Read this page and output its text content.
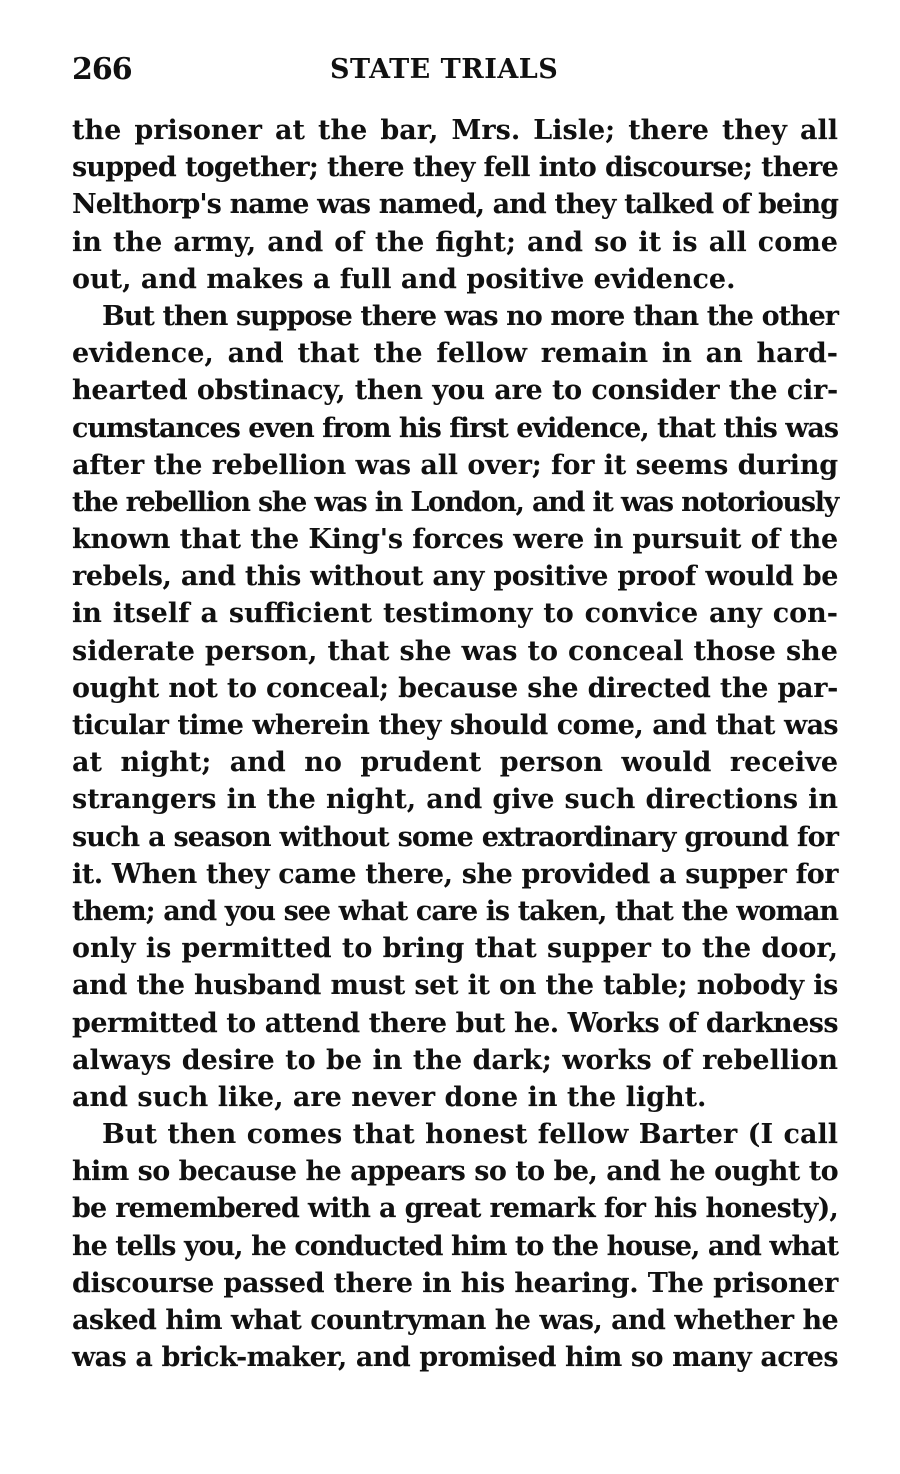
266	STATE TRIALS
the prisoner at the bar, Mrs. Lisle; there they all
supped together; there they fell into discourse; there
Nelthorp's name was named, and they talked of being
in the army, and of the fight; and so it is all come
out, and makes a full and positive evidence.
But then suppose there was no more than the other
evidence, and that the fellow remain in an hard-
hearted obstinacy, then you are to consider the cir-
cumstances even from his first evidence, that this was
after the rebellion was all over; for it seems during
the rebellion she was in London, and it was notoriously
known that the King's forces were in pursuit of the
rebels, and this without any positive proof would be
in itself a sufficient testimony to convice any con-
siderate person, that she was to conceal those she
ought not to conceal; because she directed the par-
ticular time wherein they should come, and that was
at night; and no prudent person would receive
strangers in the night, and give such directions in
such a season without some extraordinary ground for
it. When they came there, she provided a supper for
them; and you see what care is taken, that the woman
only is permitted to bring that supper to the door,
and the husband must set it on the table; nobody is
permitted to attend there but he. Works of darkness
always desire to be in the dark; works of rebellion
and such like, are never done in the light.
But then comes that honest fellow Barter (I call
him so because he appears so to be, and he ought to
be remembered with a great remark for his honesty),
he tells you, he conducted him to the house, and what
discourse passed there in his hearing. The prisoner
asked him what countryman he was, and whether he
was a brick-maker, and promised him so many acres
